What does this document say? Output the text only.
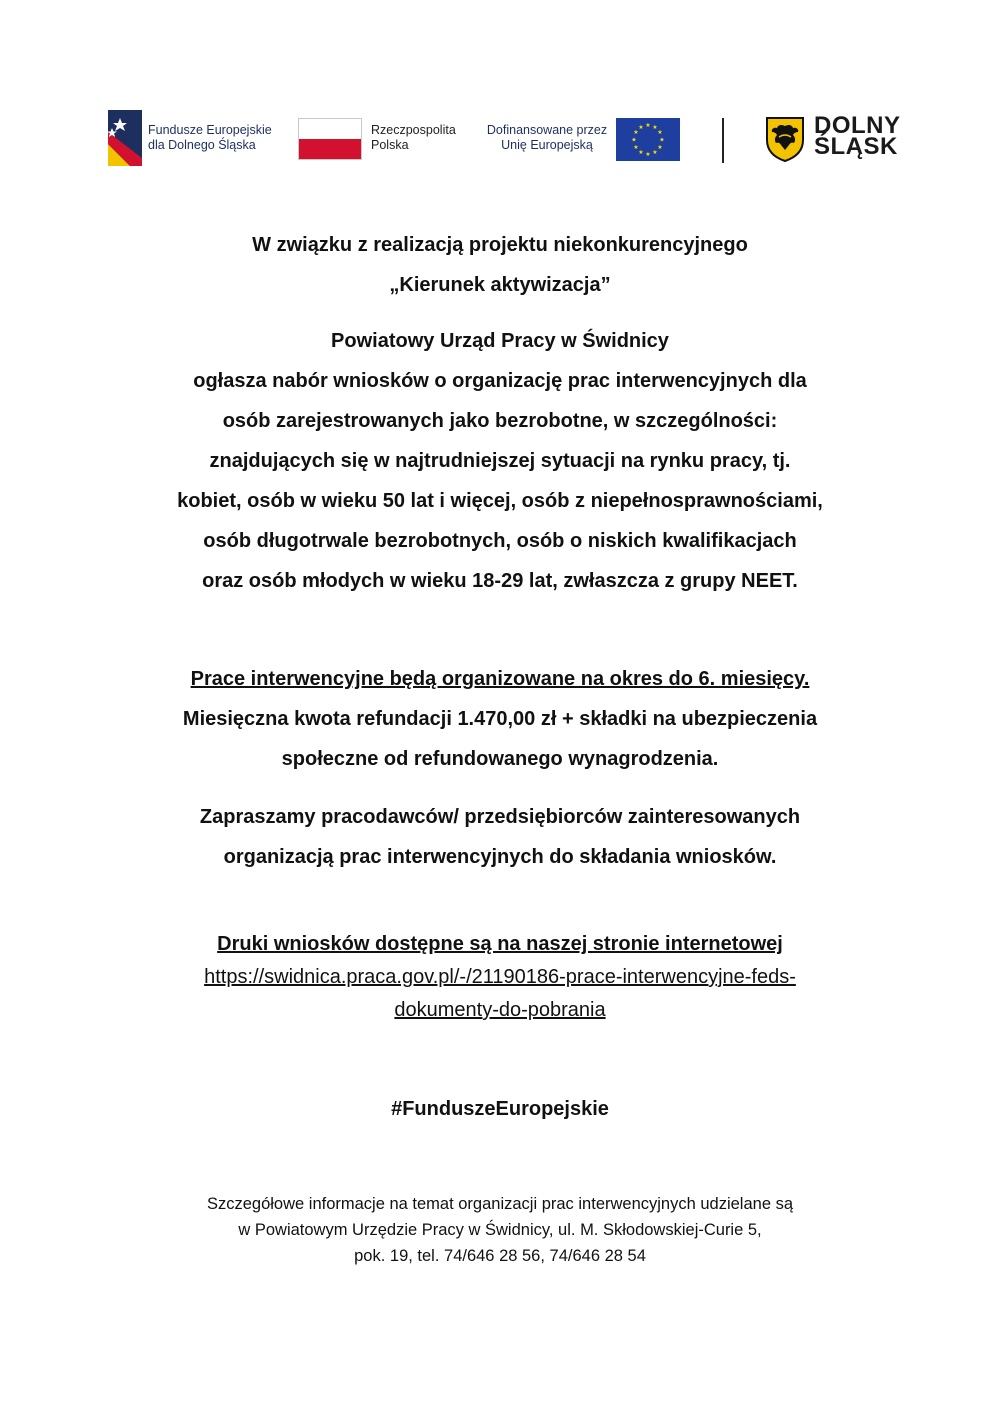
Fundusze Europejskie
dla Dolnego Śląska
Rzeczpospolita
Polska
Dofinansowane przez
Unię Europejską
★ ★
★
★
★
★
★
★
★
★
★
★	DOLNY
ŚLĄSK
W związku z realizacją projektu niekonkurencyjnego
„Kierunek aktywizacja”
Powiatowy Urząd Pracy w Świdnicy
ogłasza nabór wniosków o organizację prac interwencyjnych dla
osób zarejestrowanych jako bezrobotne, w szczególności:
znajdujących się w najtrudniejszej sytuacji na rynku pracy, tj.
kobiet, osób w wieku 50 lat i więcej, osób z niepełnosprawnościami,
osób długotrwale bezrobotnych, osób o niskich kwalifikacjach
oraz osób młodych w wieku 18-29 lat, zwłaszcza z grupy NEET.
Prace interwencyjne będą organizowane na okres do 6. miesięcy.
Miesięczna kwota refundacji 1.470,00 zł + składki na ubezpieczenia
społeczne od refundowanego wynagrodzenia.
Zapraszamy pracodawców/ przedsiębiorców zainteresowanych
organizacją prac interwencyjnych do składania wniosków.
Druki wniosków dostępne są na naszej stronie internetowej
https://swidnica.praca.gov.pl/-/21190186-prace-interwencyjne-feds-
dokumenty-do-pobrania
#FunduszeEuropejskie
Szczegółowe informacje na temat organizacji prac interwencyjnych udzielane są
w Powiatowym Urzędzie Pracy w Świdnicy, ul. M. Skłodowskiej-Curie 5,
pok. 19, tel. 74/646 28 56, 74/646 28 54
